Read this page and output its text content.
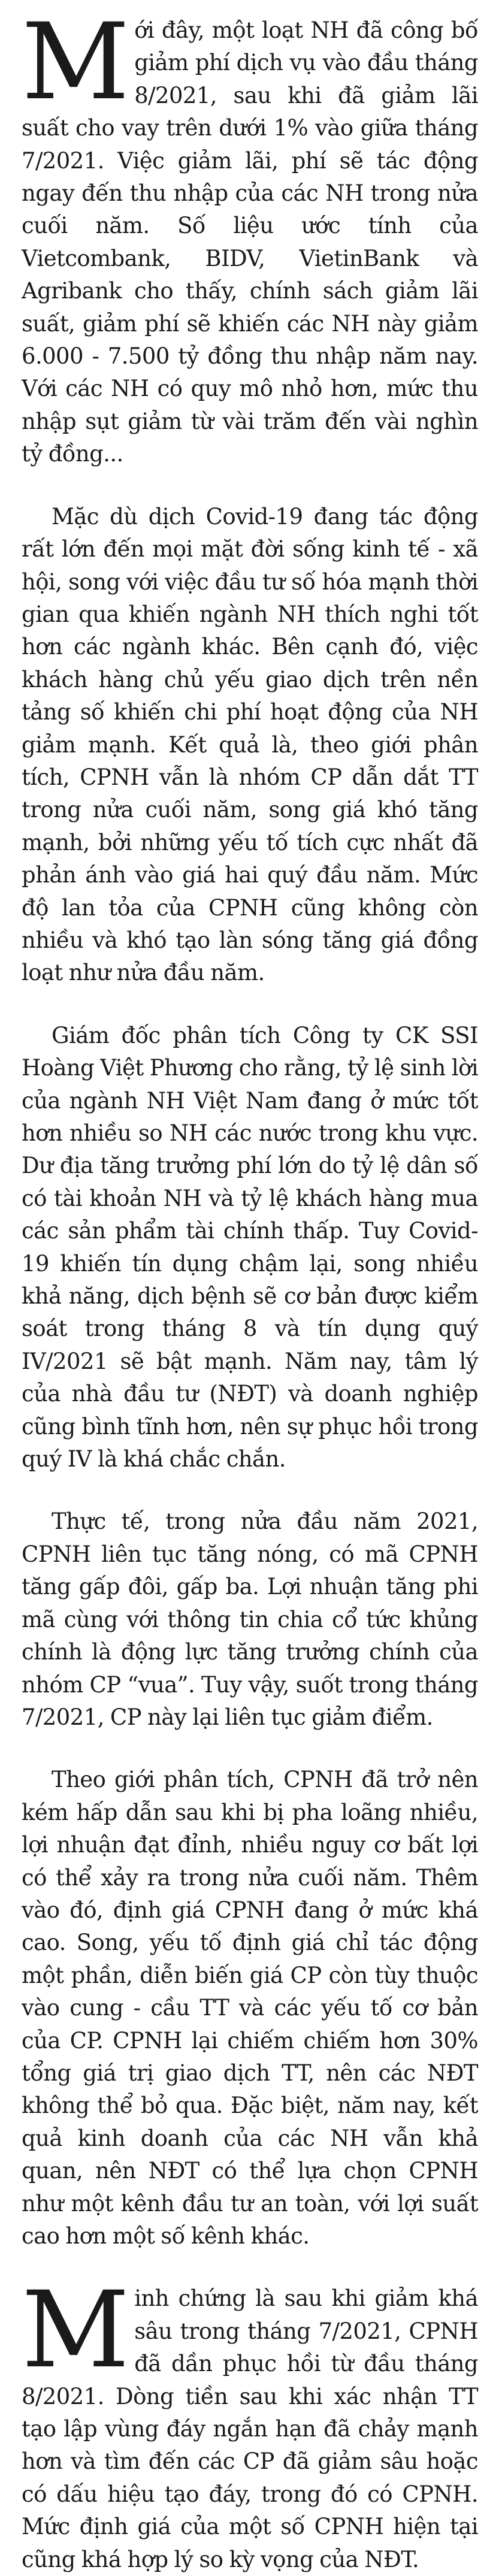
Mới đây, một loạt NH đã công bố giảm phí dịch vụ vào đầu tháng 8/2021, sau khi đã giảm lãi suất cho vay trên dưới 1% vào giữa tháng 7/2021. Việc giảm lãi, phí sẽ tác động ngay đến thu nhập của các NH trong nửa cuối năm. Số liệu ước tính của Vietcombank, BIDV, VietinBank và Agribank cho thấy, chính sách giảm lãi suất, giảm phí sẽ khiến các NH này giảm 6.000 - 7.500 tỷ đồng thu nhập năm nay. Với các NH có quy mô nhỏ hơn, mức thu nhập sụt giảm từ vài trăm đến vài nghìn tỷ đồng...

Mặc dù dịch Covid-19 đang tác động rất lớn đến mọi mặt đời sống kinh tế - xã hội, song với việc đầu tư số hóa mạnh thời gian qua khiến ngành NH thích nghi tốt hơn các ngành khác. Bên cạnh đó, việc khách hàng chủ yếu giao dịch trên nền tảng số khiến chi phí hoạt động của NH giảm mạnh. Kết quả là, theo giới phân tích, CPNH vẫn là nhóm CP dẫn dắt TT trong nửa cuối năm, song giá khó tăng mạnh, bởi những yếu tố tích cực nhất đã phản ánh vào giá hai quý đầu năm. Mức độ lan tỏa của CPNH cũng không còn nhiều và khó tạo làn sóng tăng giá đồng loạt như nửa đầu năm.

Giám đốc phân tích Công ty CK SSI Hoàng Việt Phương cho rằng, tỷ lệ sinh lời của ngành NH Việt Nam đang ở mức tốt hơn nhiều so NH các nước trong khu vực. Dư địa tăng trưởng phí lớn do tỷ lệ dân số có tài khoản NH và tỷ lệ khách hàng mua các sản phẩm tài chính thấp. Tuy Covid-19 khiến tín dụng chậm lại, song nhiều khả năng, dịch bệnh sẽ cơ bản được kiểm soát trong tháng 8 và tín dụng quý IV/2021 sẽ bật mạnh. Năm nay, tâm lý của nhà đầu tư (NĐT) và doanh nghiệp cũng bình tĩnh hơn, nên sự phục hồi trong quý IV là khá chắc chắn.

Thực tế, trong nửa đầu năm 2021, CPNH liên tục tăng nóng, có mã CPNH tăng gấp đôi, gấp ba. Lợi nhuận tăng phi mã cùng với thông tin chia cổ tức khủng chính là động lực tăng trưởng chính của nhóm CP “vua”. Tuy vậy, suốt trong tháng 7/2021, CP này lại liên tục giảm điểm.

Theo giới phân tích, CPNH đã trở nên kém hấp dẫn sau khi bị pha loãng nhiều, lợi nhuận đạt đỉnh, nhiều nguy cơ bất lợi có thể xảy ra trong nửa cuối năm. Thêm vào đó, định giá CPNH đang ở mức khá cao. Song, yếu tố định giá chỉ tác động một phần, diễn biến giá CP còn tùy thuộc vào cung - cầu TT và các yếu tố cơ bản của CP. CPNH lại chiếm chiếm hơn 30% tổng giá trị giao dịch TT, nên các NĐT không thể bỏ qua. Đặc biệt, năm nay, kết quả kinh doanh của các NH vẫn khả quan, nên NĐT có thể lựa chọn CPNH như một kênh đầu tư an toàn, với lợi suất cao hơn một số kênh khác.

Minh chứng là sau khi giảm khá sâu trong tháng 7/2021, CPNH đã dần phục hồi từ đầu tháng 8/2021. Dòng tiền sau khi xác nhận TT tạo lập vùng đáy ngắn hạn đã chảy mạnh hơn và tìm đến các CP đã giảm sâu hoặc có dấu hiệu tạo đáy, trong đó có CPNH. Mức định giá của một số CPNH hiện tại cũng khá hợp lý so kỳ vọng của NĐT.
